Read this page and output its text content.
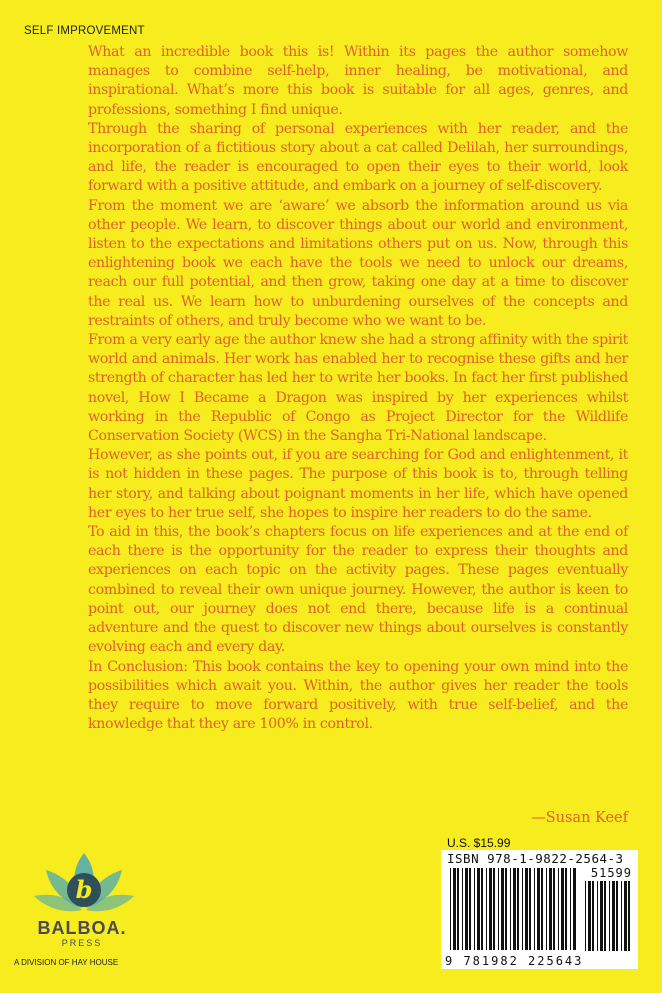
SELF IMPROVEMENT

What an incredible book this is! Within its pages the author somehow manages to combine self-help, inner healing, be motivational, and inspirational. What’s more this book is suitable for all ages, genres, and professions, something I find unique.

Through the sharing of personal experiences with her reader, and the incorporation of a fictitious story about a cat called Delilah, her surroundings, and life, the reader is encouraged to open their eyes to their world, look forward with a positive attitude, and embark on a journey of self-discovery.

From the moment we are ‘aware’ we absorb the information around us via other people. We learn, to discover things about our world and environment, listen to the expectations and limitations others put on us. Now, through this enlightening book we each have the tools we need to unlock our dreams, reach our full potential, and then grow, taking one day at a time to discover the real us. We learn how to unburdening ourselves of the concepts and restraints of others, and truly become who we want to be.

From a very early age the author knew she had a strong affinity with the spirit world and animals. Her work has enabled her to recognise these gifts and her strength of character has led her to write her books. In fact her first published novel, How I Became a Dragon was inspired by her experiences whilst working in the Republic of Congo as Project Director for the Wildlife Conservation Society (WCS) in the Sangha Tri-National landscape.

However, as she points out, if you are searching for God and enlightenment, it is not hidden in these pages. The purpose of this book is to, through telling her story, and talking about poignant moments in her life, which have opened her eyes to her true self, she hopes to inspire her readers to do the same.

To aid in this, the book’s chapters focus on life experiences and at the end of each there is the opportunity for the reader to express their thoughts and experiences on each topic on the activity pages. These pages eventually combined to reveal their own unique journey. However, the author is keen to point out, our journey does not end there, because life is a continual adventure and the quest to discover new things about ourselves is constantly evolving each and every day.

In Conclusion: This book contains the key to opening your own mind into the possibilities which await you. Within, the author gives her reader the tools they require to move forward positively, with true self-belief, and the knowledge that they are 100% in control.

—Susan Keef
U.S. $15.99
ISBN 978-1-9822-2564-3
51599
9 781982 225643
b
BALBOA.
PRESS
A DIVISION OF HAY HOUSE
